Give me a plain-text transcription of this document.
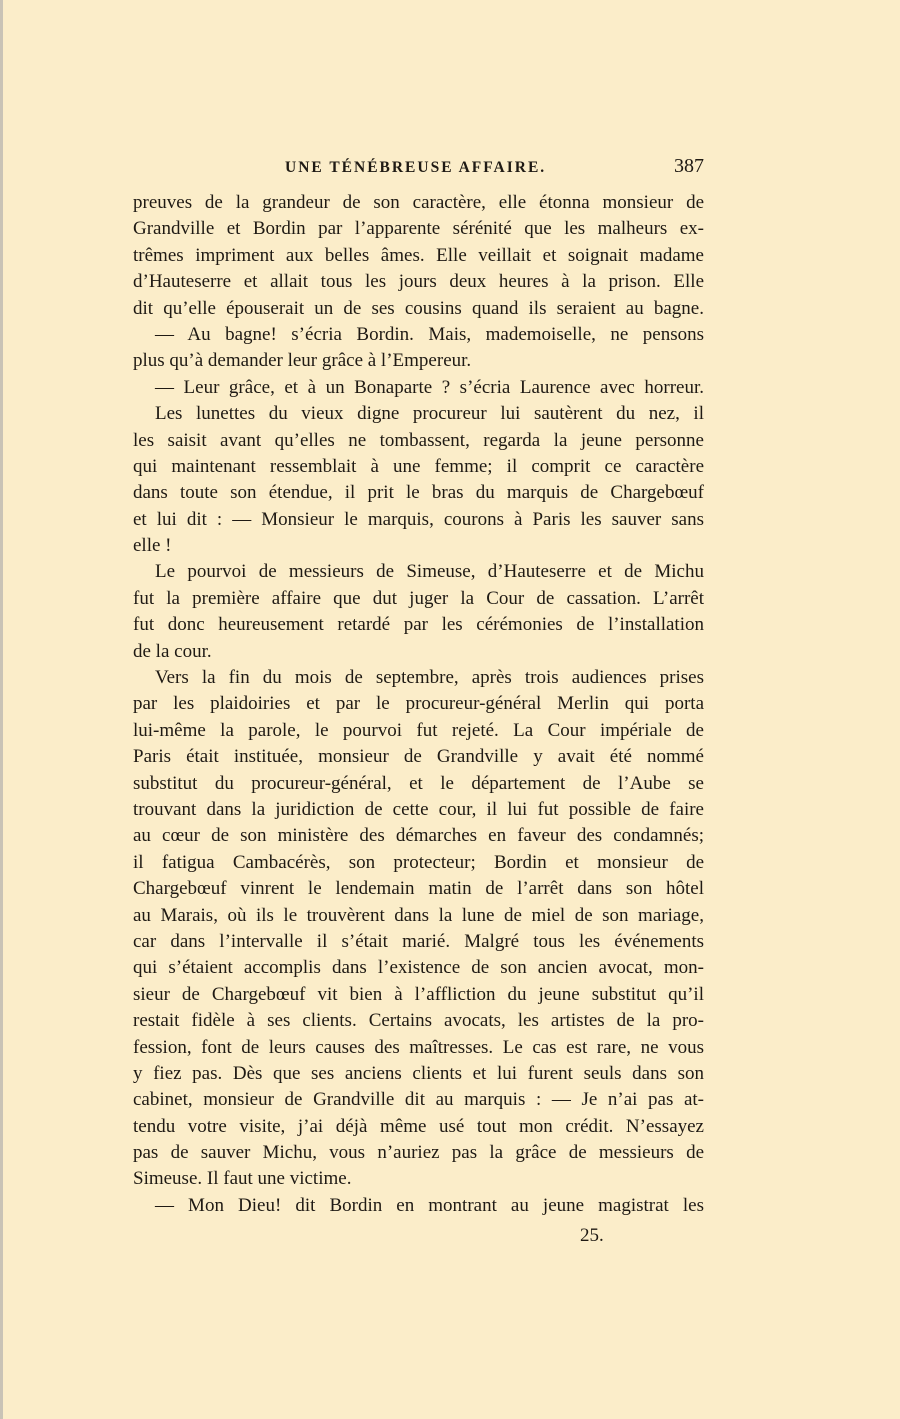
UNE TÉNÉBREUSE AFFAIRE.	387
preuves de la grandeur de son caractère, elle étonna monsieur de
Grandville et Bordin par l’apparente sérénité que les malheurs ex-
trêmes impriment aux belles âmes. Elle veillait et soignait madame
d’Hauteserre et allait tous les jours deux heures à la prison. Elle
dit qu’elle épouserait un de ses cousins quand ils seraient au bagne.
— Au bagne! s’écria Bordin. Mais, mademoiselle, ne pensons
plus qu’à demander leur grâce à l’Empereur.
— Leur grâce, et à un Bonaparte ? s’écria Laurence avec horreur.
Les lunettes du vieux digne procureur lui sautèrent du nez, il
les saisit avant qu’elles ne tombassent, regarda la jeune personne
qui maintenant ressemblait à une femme; il comprit ce caractère
dans toute son étendue, il prit le bras du marquis de Chargebœuf
et lui dit : — Monsieur le marquis, courons à Paris les sauver sans
elle !
Le pourvoi de messieurs de Simeuse, d’Hauteserre et de Michu
fut la première affaire que dut juger la Cour de cassation. L’arrêt
fut donc heureusement retardé par les cérémonies de l’installation
de la cour.
Vers la fin du mois de septembre, après trois audiences prises
par les plaidoiries et par le procureur-général Merlin qui porta
lui-même la parole, le pourvoi fut rejeté. La Cour impériale de
Paris était instituée, monsieur de Grandville y avait été nommé
substitut du procureur-général, et le département de l’Aube se
trouvant dans la juridiction de cette cour, il lui fut possible de faire
au cœur de son ministère des démarches en faveur des condamnés;
il fatigua Cambacérès, son protecteur; Bordin et monsieur de
Chargebœuf vinrent le lendemain matin de l’arrêt dans son hôtel
au Marais, où ils le trouvèrent dans la lune de miel de son mariage,
car dans l’intervalle il s’était marié. Malgré tous les événements
qui s’étaient accomplis dans l’existence de son ancien avocat, mon-
sieur de Chargebœuf vit bien à l’affliction du jeune substitut qu’il
restait fidèle à ses clients. Certains avocats, les artistes de la pro-
fession, font de leurs causes des maîtresses. Le cas est rare, ne vous
y fiez pas. Dès que ses anciens clients et lui furent seuls dans son
cabinet, monsieur de Grandville dit au marquis : — Je n’ai pas at-
tendu votre visite, j’ai déjà même usé tout mon crédit. N’essayez
pas de sauver Michu, vous n’auriez pas la grâce de messieurs de
Simeuse. Il faut une victime.
— Mon Dieu! dit Bordin en montrant au jeune magistrat les
25.
